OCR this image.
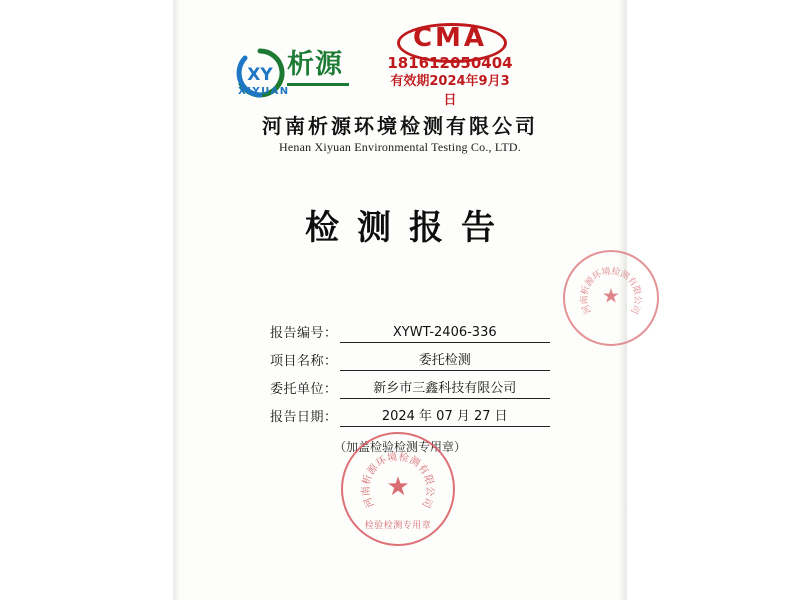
XY 析源
XIYUAN
CMA
181612050404
有效期2024年9月3日
河南析源环境检测有限公司
Henan Xiyuan Environmental Testing Co., LTD.
检测报告
报告编号：	XYWT-2406-336
项目名称：	委托检测
委托单位：	新乡市三鑫科技有限公司
报告日期：	2024 年 07 月 27 日
（加盖检验检测专用章）
河
南
析
源
环
境 检
测
有
限
公
司
★
检验检测专用章
河
南
析
源
环
境
检
测
有
限
公
司
★
